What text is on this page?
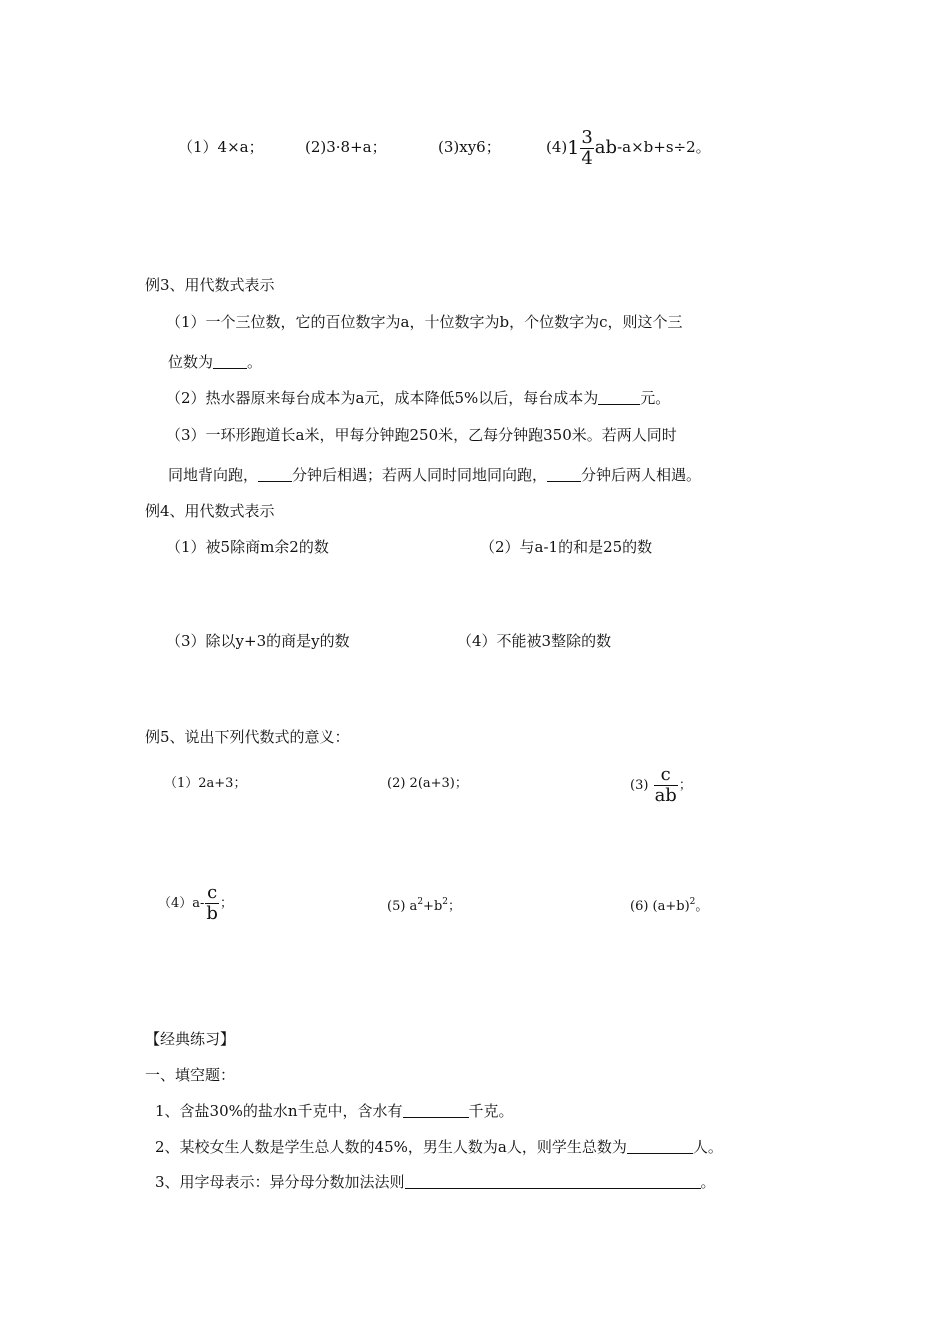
（1）4×a；	(2)3·8+a；	(3)xy6；	$(4)1 \frac{3}{4} ab-a\times b+s\div 2$。
例3、用代数式表示
（1）一个三位数，它的百位数字为a，十位数字为b，个位数字为c，则这个三
位数为 。
（2）热水器原来每台成本为a元，成本降低5%以后，每台成本为	元。
（3）一环形跑道长a米，甲每分钟跑250米，乙每分钟跑350米。若两人同时
同地背向跑， 分钟后相遇；若两人同时同地同向跑， 分钟后两人相遇。
例4、用代数式表示
（1）被5除商m余2的数	（2）与a-1的和是25的数
（3）除以y+3的商是y的数	（4）不能被3整除的数
例5、说出下列代数式的意义：
（1）2a+3；	(2) 2(a+3)；	$(3) \frac{c}{ab}$ ；
$(4)a- \frac{c}{b}$ ；	(5) $a^2+b^2$；	(6) $(a+b)^2$。
【经典练习】
一、填空题：
1、含盐30%的盐水n千克中，含水有	千克。
2、某校女生人数是学生总人数的45%，男生人数为a人，则学生总数为	人。
3、用字母表示：异分母分数加法法则	。
